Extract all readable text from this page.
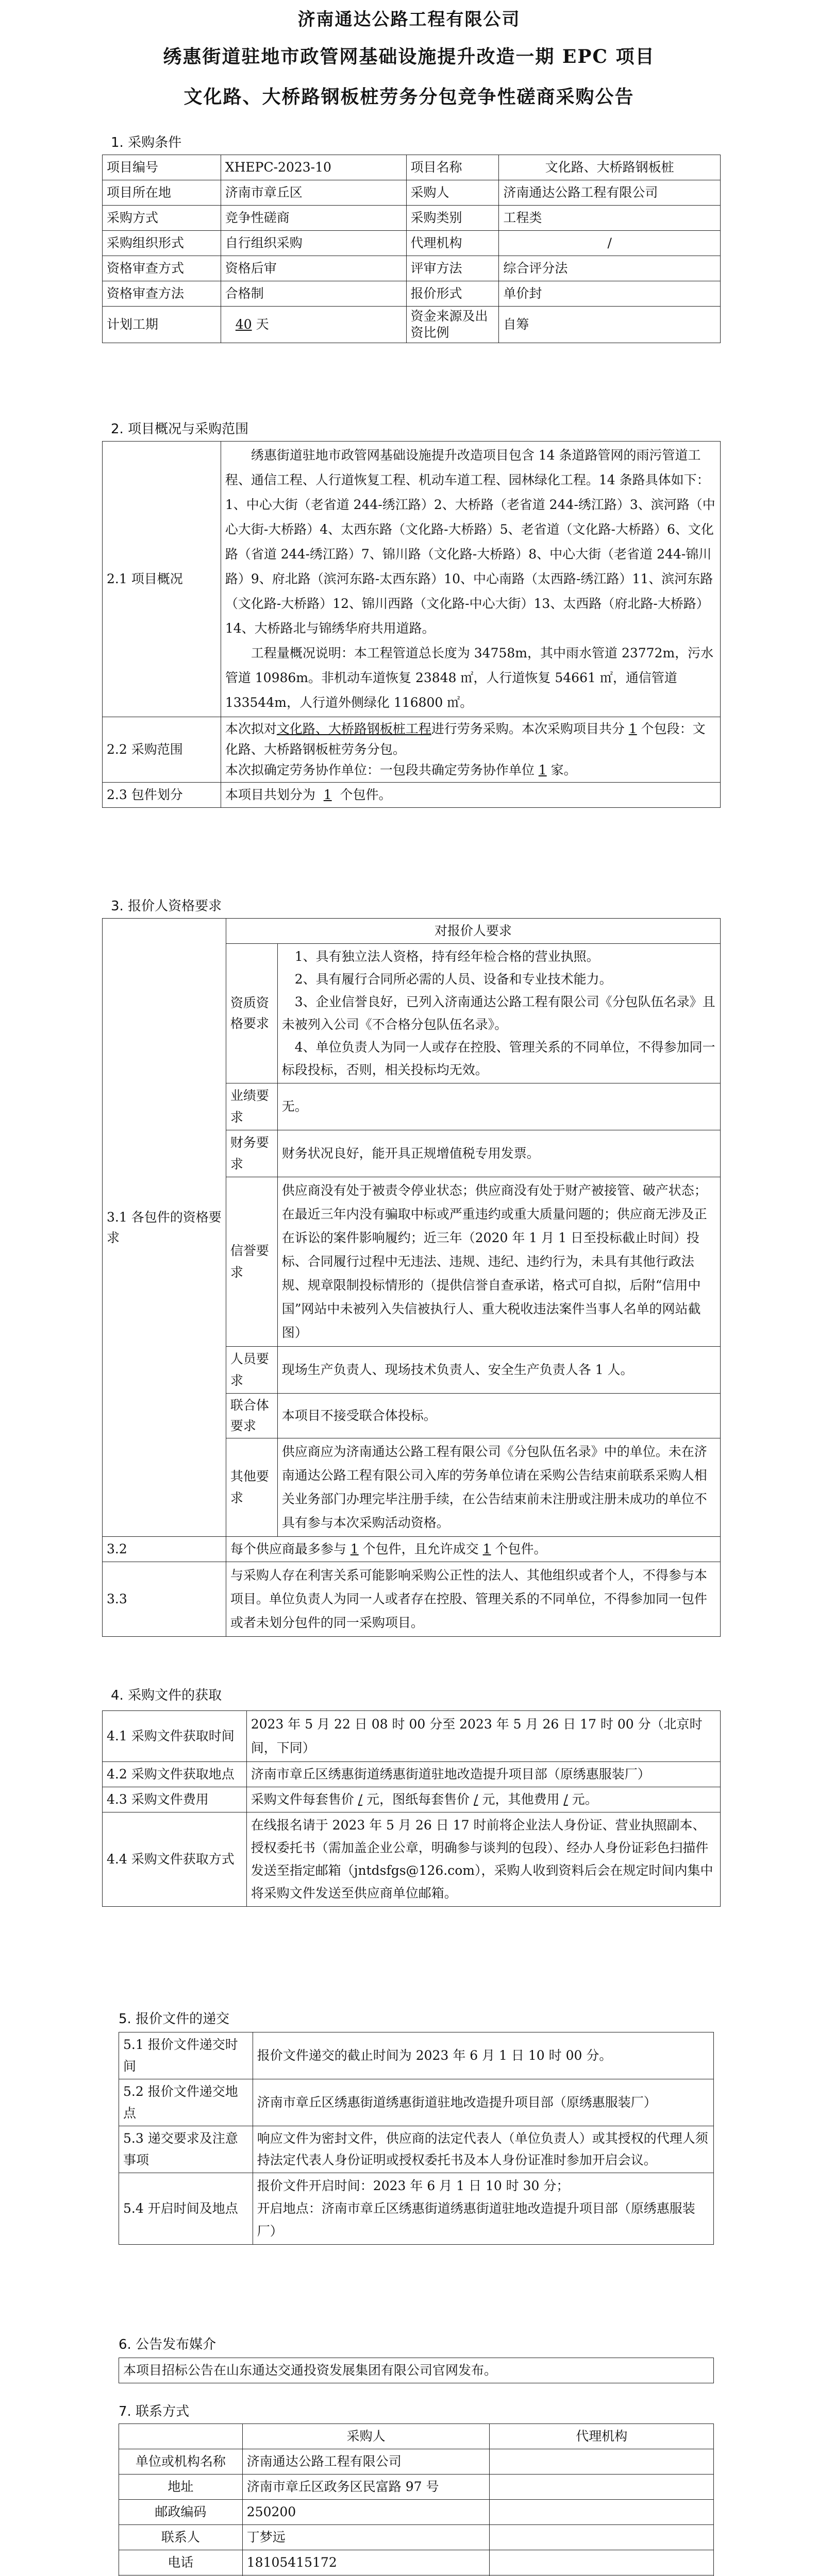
济南通达公路工程有限公司
绣惠街道驻地市政管网基础设施提升改造一期 EPC 项目
文化路、大桥路钢板桩劳务分包竞争性磋商采购公告
1. 采购条件
项目编号	XHEPC-2023-10	项目名称	文化路、大桥路钢板桩
项目所在地	济南市章丘区	采购人	济南通达公路工程有限公司
采购方式	竞争性磋商	采购类别	工程类
采购组织形式	自行组织采购	代理机构	/
资格审查方式	资格后审	评审方法	综合评分法
资格审查方法	合格制	报价形式	单价封
计划工期	40 天	资金来源及出资比例	自筹
2. 项目概况与采购范围
2.1 项目概况	绣惠街道驻地市政管网基础设施提升改造项目包含 14 条道路管网的雨污管道工程、通信工程、人行道恢复工程、机动车道工程、园林绿化工程。14 条路具体如下：1、中心大街（老省道 244-绣江路）2、大桥路（老省道 244-绣江路）3、滨河路（中心大街-大桥路）4、太西东路（文化路-大桥路）5、老省道（文化路-大桥路）6、文化路（省道 244-绣江路）7、锦川路（文化路-大桥路）8、中心大街（老省道 244-锦川路）9、府北路（滨河东路-太西东路）10、中心南路（太西路-绣江路）11、滨河东路（文化路-大桥路）12、锦川西路（文化路-中心大街）13、太西路（府北路-大桥路）14、大桥路北与锦绣华府共用道路。

工程量概况说明：本工程管道总长度为 34758m，其中雨水管道 23772m，污水管道 10986m。非机动车道恢复 23848 ㎡，人行道恢复 54661 ㎡，通信管道 133544m，人行道外侧绿化 116800 ㎡。

2.2 采购范围	本次拟对文化路、大桥路钢板桩工程进行劳务采购。本次采购项目共分 1 个包段：文化路、大桥路钢板桩劳务分包。
本次拟确定劳务协作单位：一包段共确定劳务协作单位 1 家。
2.3 包件划分	本项目共划分为 1 个包件。
3. 报价人资格要求
3.1 各包件的资格要求	对报价人要求	
	资质资格要求	1、具有独立法人资格，持有经年检合格的营业执照。

2、具有履行合同所必需的人员、设备和专业技术能力。

3、企业信誉良好，已列入济南通达公路工程有限公司《分包队伍名录》且未被列入公司《不合格分包队伍名录》。

4、单位负责人为同一人或存在控股、管理关系的不同单位，不得参加同一标段投标，否则，相关投标均无效。

	业绩要求	无。
	财务要求	财务状况良好，能开具正规增值税专用发票。
	信誉要求	供应商没有处于被责令停业状态；供应商没有处于财产被接管、破产状态；在最近三年内没有骗取中标或严重违约或重大质量问题的；供应商无涉及正在诉讼的案件影响履约；近三年（2020 年 1 月 1 日至投标截止时间）投标、合同履行过程中无违法、违规、违纪、违约行为，未具有其他行政法规、规章限制投标情形的（提供信誉自查承诺，格式可自拟，后附“信用中国”网站中未被列入失信被执行人、重大税收违法案件当事人名单的网站截图）
	人员要求	现场生产负责人、现场技术负责人、安全生产负责人各 1 人。
	联合体要求	本项目不接受联合体投标。
	其他要求	供应商应为济南通达公路工程有限公司《分包队伍名录》中的单位。未在济南通达公路工程有限公司入库的劳务单位请在采购公告结束前联系采购人相关业务部门办理完毕注册手续，在公告结束前未注册或注册未成功的单位不具有参与本次采购活动资格。
3.2	每个供应商最多参与 1 个包件，且允许成交 1 个包件。	
3.3	与采购人存在利害关系可能影响采购公正性的法人、其他组织或者个人，不得参与本项目。单位负责人为同一人或者存在控股、管理关系的不同单位，不得参加同一包件或者未划分包件的同一采购项目。	
4. 采购文件的获取
4.1 采购文件获取时间	2023 年 5 月 22 日 08 时 00 分至 2023 年 5 月 26 日 17 时 00 分（北京时间，下同）
4.2 采购文件获取地点	济南市章丘区绣惠街道绣惠街道驻地改造提升项目部（原绣惠服装厂）
4.3 采购文件费用	采购文件每套售价 / 元，图纸每套售价 / 元，其他费用 / 元。
4.4 采购文件获取方式	在线报名请于 2023 年 5 月 26 日 17 时前将企业法人身份证、营业执照副本、授权委托书（需加盖企业公章，明确参与谈判的包段）、经办人身份证彩色扫描件发送至指定邮箱（jntdsfgs@126.com），采购人收到资料后会在规定时间内集中将采购文件发送至供应商单位邮箱。
5. 报价文件的递交
5.1 报价文件递交时间	报价文件递交的截止时间为 2023 年 6 月 1 日 10 时 00 分。
5.2 报价文件递交地点	济南市章丘区绣惠街道绣惠街道驻地改造提升项目部（原绣惠服装厂）
5.3 递交要求及注意事项	响应文件为密封文件，供应商的法定代表人（单位负责人）或其授权的代理人须持法定代表人身份证明或授权委托书及本人身份证准时参加开启会议。
5.4 开启时间及地点	报价文件开启时间：2023 年 6 月 1 日 10 时 30 分；

开启地点：济南市章丘区绣惠街道绣惠街道驻地改造提升项目部（原绣惠服装厂）

6. 公告发布媒介
本项目招标公告在山东通达交通投资发展集团有限公司官网发布。
7. 联系方式
	采购人	代理机构
单位或机构名称	济南通达公路工程有限公司	
地址	济南市章丘区政务区民富路 97 号	
邮政编码	250200	
联系人	丁梦远	
电话	18105415172	
